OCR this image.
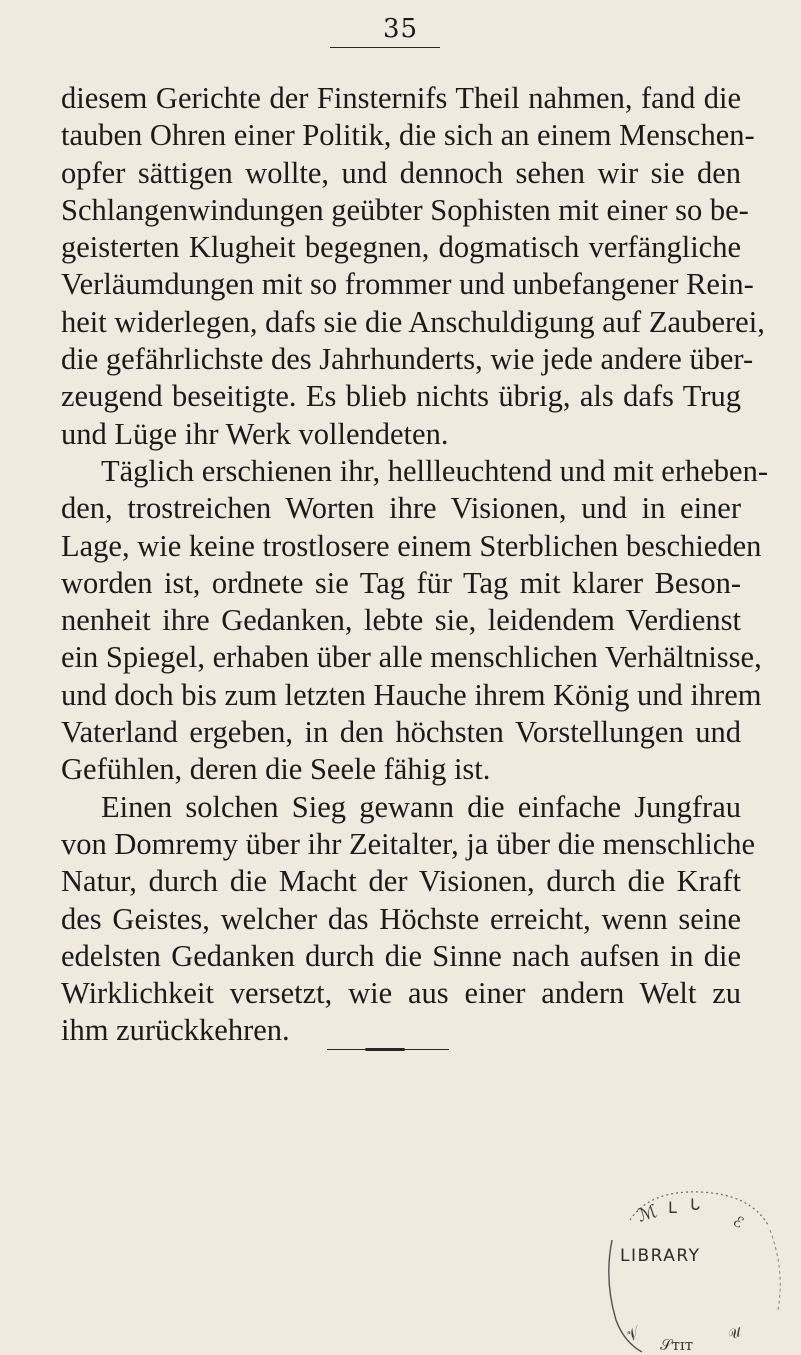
35
diesem Gerichte der Finsternifs Theil nahmen, fand die
tauben Ohren einer Politik, die sich an einem Menschen-
opfer sättigen wollte, und dennoch sehen wir sie den
Schlangenwindungen geübter Sophisten mit einer so be-
geisterten Klugheit begegnen, dogmatisch verfängliche
Verläumdungen mit so frommer und unbefangener Rein-
heit widerlegen, dafs sie die Anschuldigung auf Zauberei,
die gefährlichste des Jahrhunderts, wie jede andere über-
zeugend beseitigte. Es blieb nichts übrig, als dafs Trug
und Lüge ihr Werk vollendeten.
Täglich erschienen ihr, hellleuchtend und mit erheben-
den, trostreichen Worten ihre Visionen, und in einer
Lage, wie keine trostlosere einem Sterblichen beschieden
worden ist, ordnete sie Tag für Tag mit klarer Beson-
nenheit ihre Gedanken, lebte sie, leidendem Verdienst
ein Spiegel, erhaben über alle menschlichen Verhältnisse,
und doch bis zum letzten Hauche ihrem König und ihrem
Vaterland ergeben, in den höchsten Vorstellungen und
Gefühlen, deren die Seele fähig ist.
Einen solchen Sieg gewann die einfache Jungfrau
von Domremy über ihr Zeitalter, ja über die menschliche
Natur, durch die Macht der Visionen, durch die Kraft
des Geistes, welcher das Höchste erreicht, wenn seine
edelsten Gedanken durch die Sinne nach aufsen in die
Wirklichkeit versetzt, wie aus einer andern Welt zu
ihm zurückkehren.
ℳ ᒪ ᒐ
ℰ
𝒱 𝒮ᴛɪᴛ
𝒰
LIBRARY
